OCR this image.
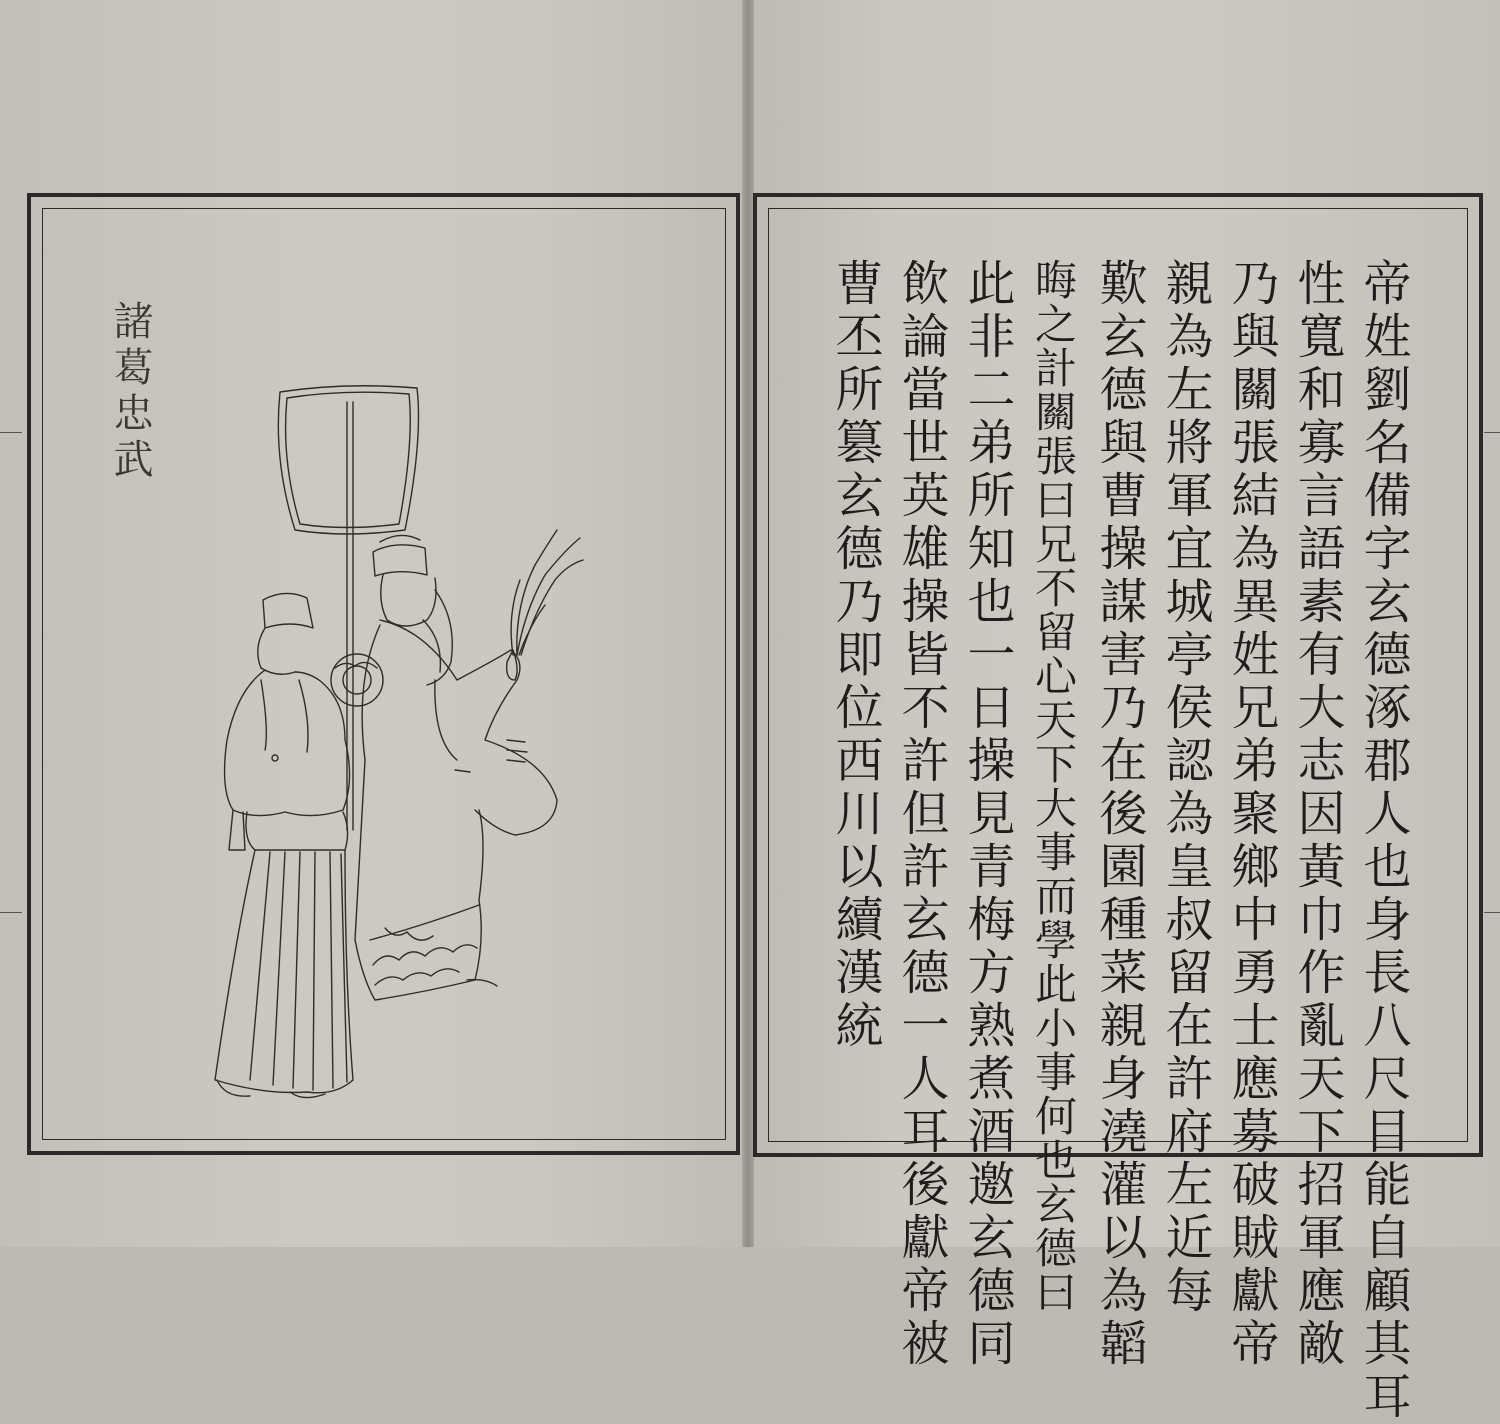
諸葛忠武	帝姓劉名備字玄德涿郡人也身長八尺目能自顧其耳
性寬和寡言語素有大志因黃巾作亂天下招軍應敵
乃與關張結為異姓兄弟聚鄉中勇士應募破賊獻帝
親為左將軍宜城亭侯認為皇叔留在許府左近每
歎玄德與曹操謀害乃在後園種菜親身澆灌以為韜
晦之計關張曰兄不留心天下大事而學此小事何也玄德曰
此非二弟所知也一日操見青梅方熟煮酒邀玄德同
飲論當世英雄操皆不許但許玄德一人耳後獻帝被
曹丕所篡玄德乃即位西川以續漢統
